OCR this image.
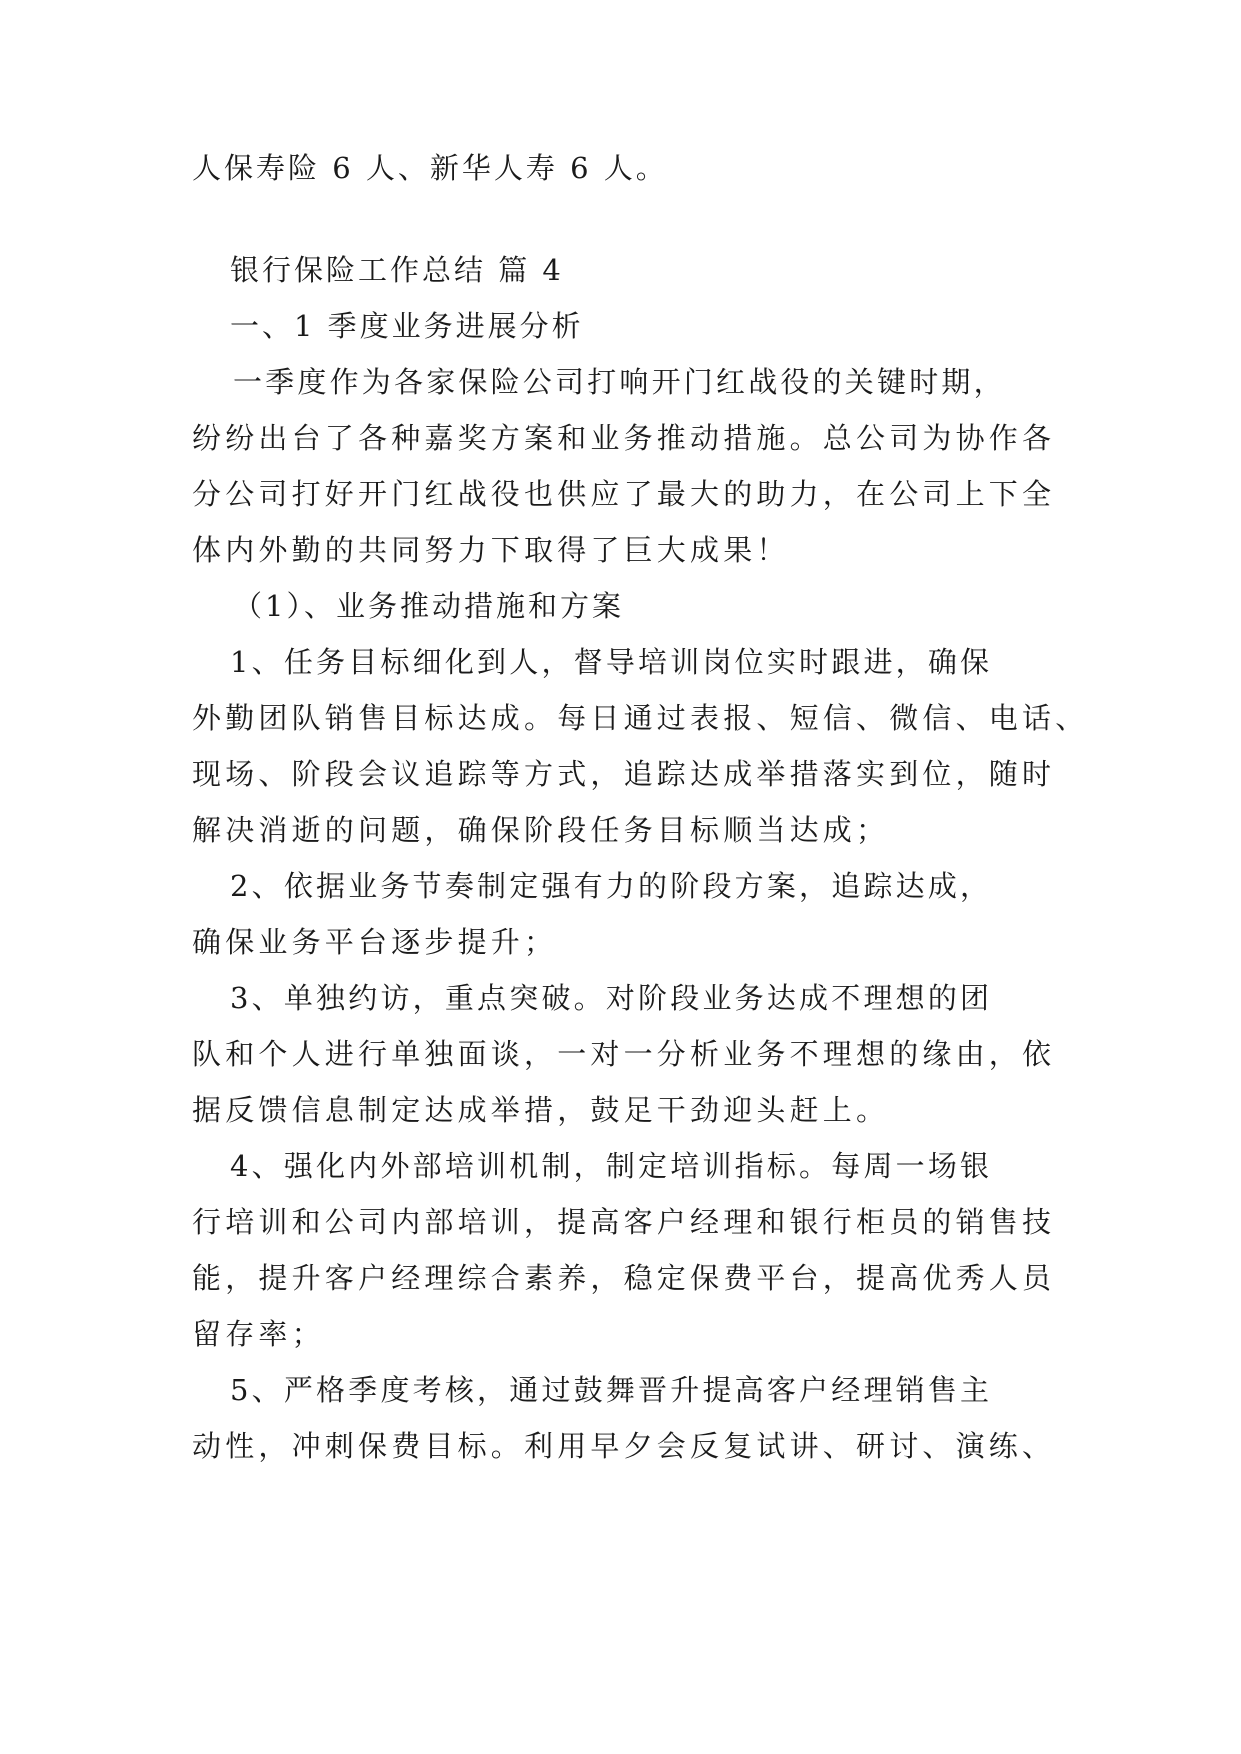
人保寿险 6 人、新华人寿 6 人。
银行保险工作总结 篇 4
一、1 季度业务进展分析
一季度作为各家保险公司打响开门红战役的关键时期，
纷纷出台了各种嘉奖方案和业务推动措施。总公司为协作各
分公司打好开门红战役也供应了最大的助力，在公司上下全
体内外勤的共同努力下取得了巨大成果！
（1）、业务推动措施和方案
1、任务目标细化到人，督导培训岗位实时跟进，确保
外勤团队销售目标达成。每日通过表报、短信、微信、电话、
现场、阶段会议追踪等方式，追踪达成举措落实到位，随时
解决消逝的问题，确保阶段任务目标顺当达成；
2、依据业务节奏制定强有力的阶段方案，追踪达成，
确保业务平台逐步提升；
3、单独约访，重点突破。对阶段业务达成不理想的团
队和个人进行单独面谈，一对一分析业务不理想的缘由，依
据反馈信息制定达成举措，鼓足干劲迎头赶上。
4、强化内外部培训机制，制定培训指标。每周一场银
行培训和公司内部培训，提高客户经理和银行柜员的销售技
能，提升客户经理综合素养，稳定保费平台，提高优秀人员
留存率；
5、严格季度考核，通过鼓舞晋升提高客户经理销售主
动性，冲刺保费目标。利用早夕会反复试讲、研讨、演练、
